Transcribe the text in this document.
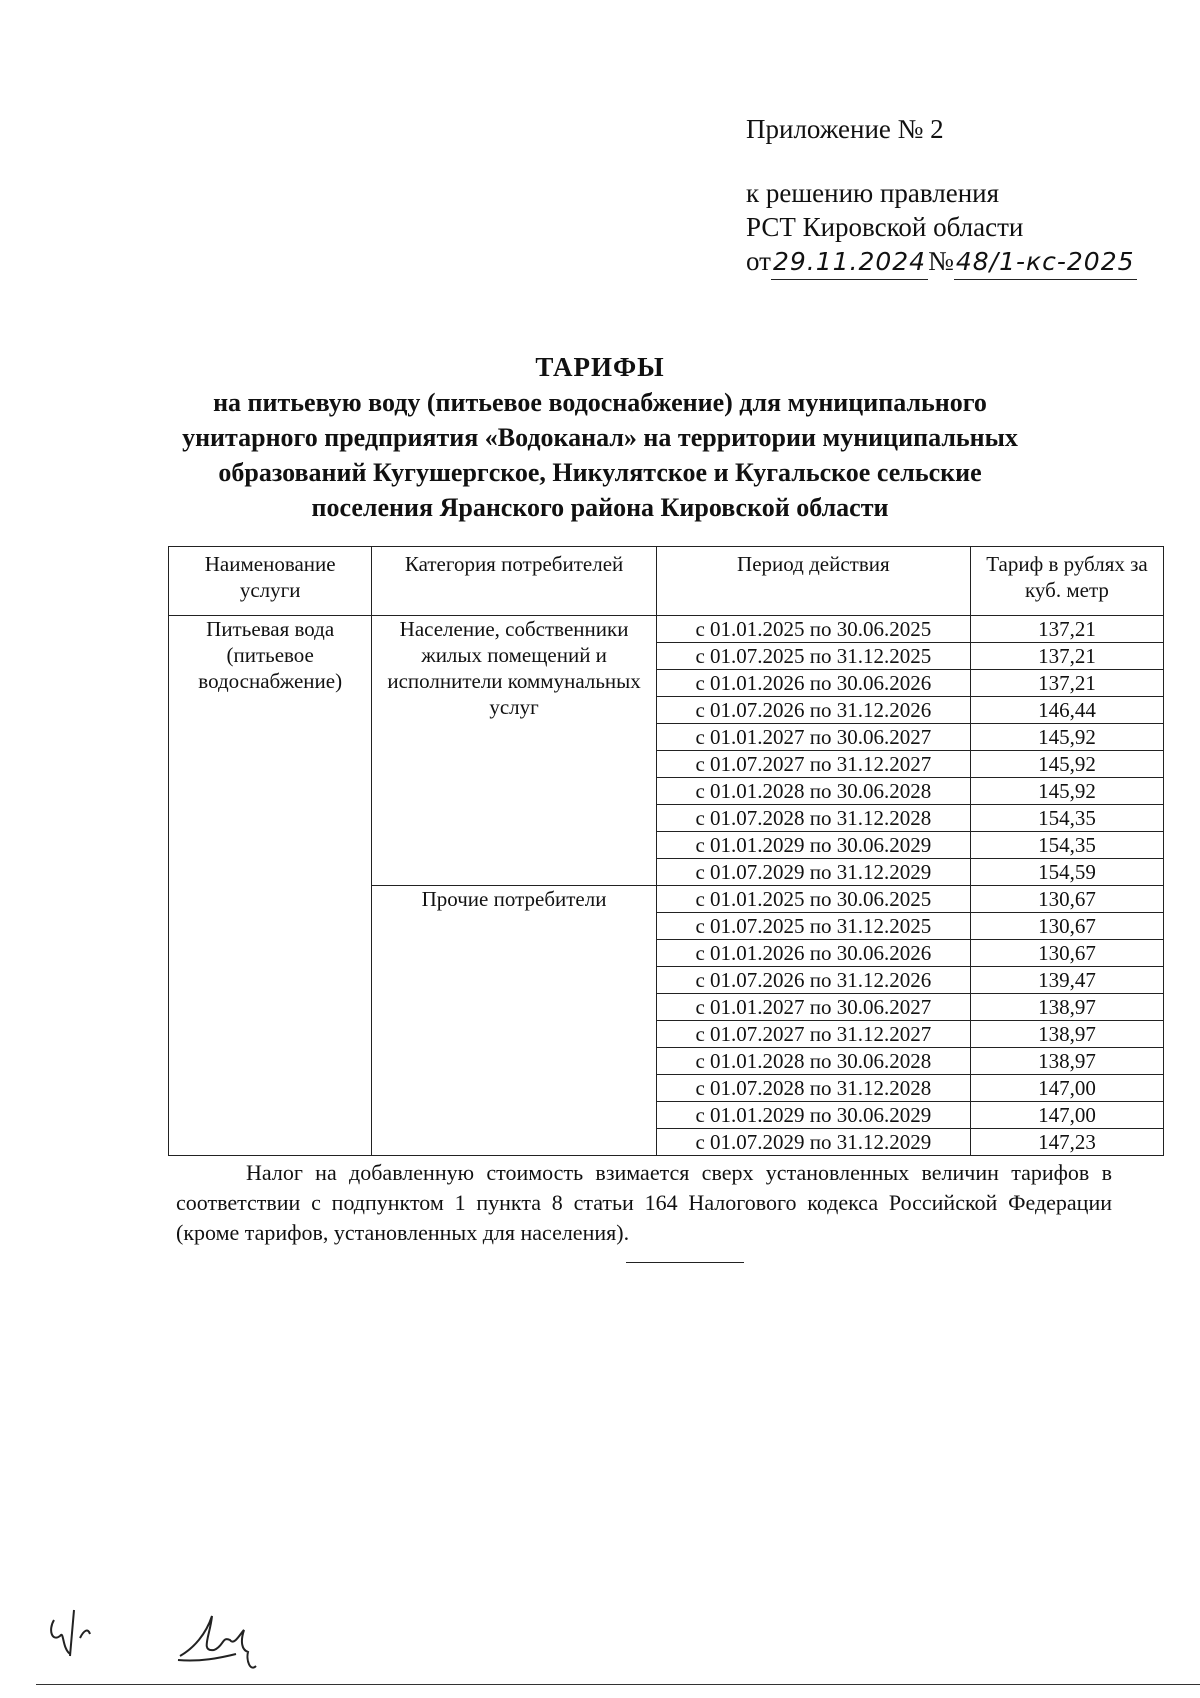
Приложение № 2
к решению правления
РСТ Кировской области
от29.11.2024№48/1-кс-2025
ТАРИФЫ
на питьевую воду (питьевое водоснабжение) для муниципального
унитарного предприятия «Водоканал» на территории муниципальных
образований Кугушергское, Никулятское и Кугальское сельские
поселения Яранского района Кировской области
Наименование услуги	Категория потребителей	Период действия	Тариф в рублях за куб. метр
Питьевая вода (питьевое водоснабжение)	Население, собственники жилых помещений и исполнители коммунальных услуг	с 01.01.2025 по 30.06.2025	137,21
		с 01.07.2025 по 31.12.2025	137,21
		с 01.01.2026 по 30.06.2026	137,21
		с 01.07.2026 по 31.12.2026	146,44
		с 01.01.2027 по 30.06.2027	145,92
		с 01.07.2027 по 31.12.2027	145,92
		с 01.01.2028 по 30.06.2028	145,92
		с 01.07.2028 по 31.12.2028	154,35
		с 01.01.2029 по 30.06.2029	154,35
		с 01.07.2029 по 31.12.2029	154,59
	Прочие потребители	с 01.01.2025 по 30.06.2025	130,67
		с 01.07.2025 по 31.12.2025	130,67
		с 01.01.2026 по 30.06.2026	130,67
		с 01.07.2026 по 31.12.2026	139,47
		с 01.01.2027 по 30.06.2027	138,97
		с 01.07.2027 по 31.12.2027	138,97
		с 01.01.2028 по 30.06.2028	138,97
		с 01.07.2028 по 31.12.2028	147,00
		с 01.01.2029 по 30.06.2029	147,00
		с 01.07.2029 по 31.12.2029	147,23

Налог на добавленную стоимость взимается сверх установленных величин тарифов в соответствии с подпунктом 1 пункта 8 статьи 164 Налогового кодекса Российской Федерации (кроме тарифов, установленных для населения).
